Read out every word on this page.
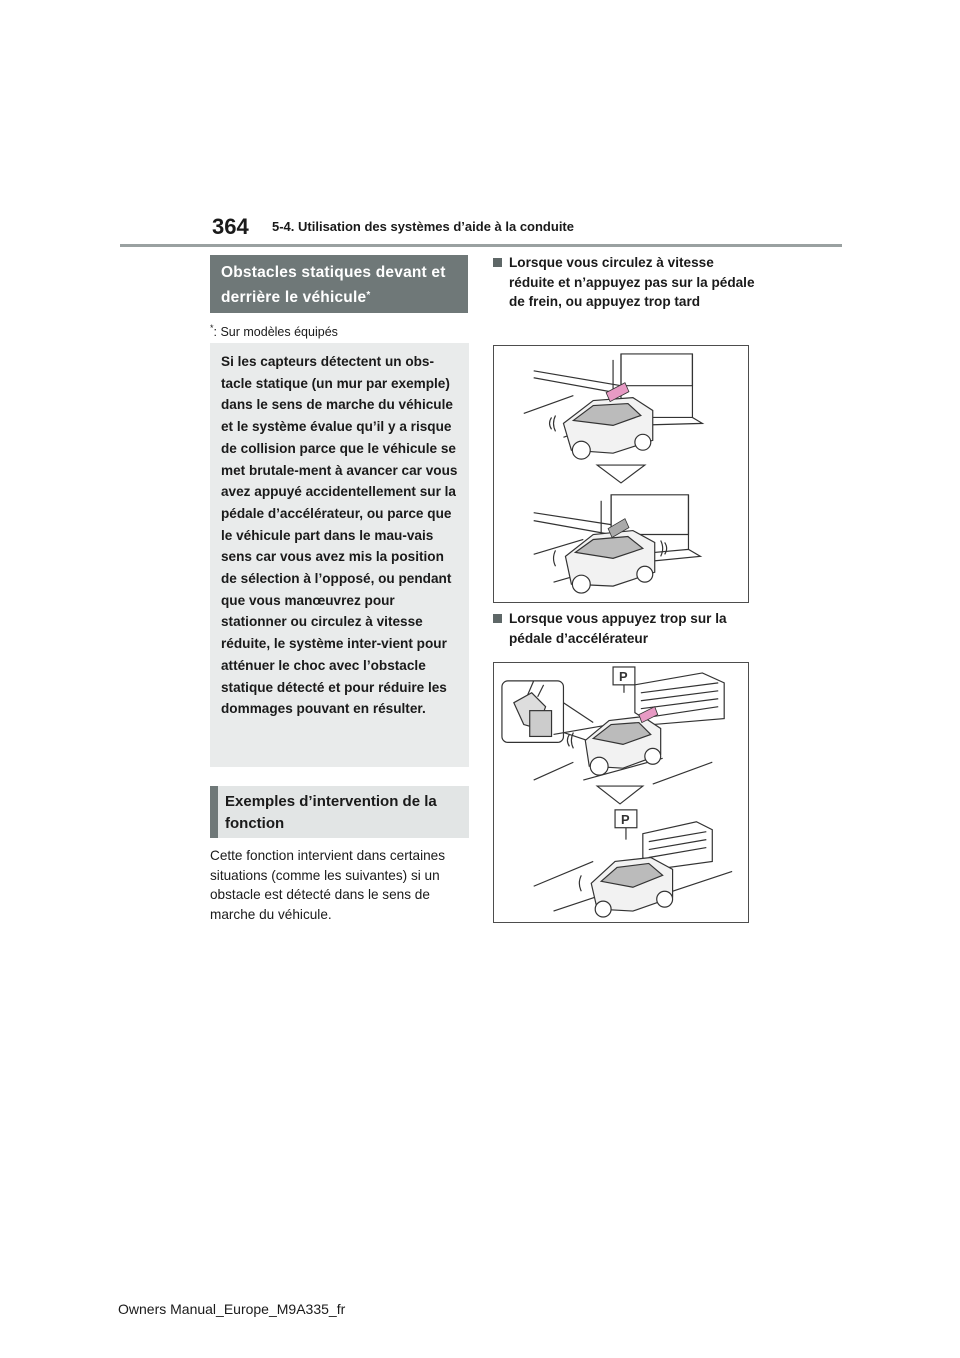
364 5-4. Utilisation des systèmes d’aide à la conduite
Obstacles statiques devant et derrière le véhicule*
*: Sur modèles équipés

Si les capteurs détectent un obs-tacle statique (un mur par exemple) dans le sens de marche du véhicule et le système évalue qu’il y a risque de collision parce que le véhicule se met brutale-ment à avancer car vous avez appuyé accidentellement sur la pédale d’accélérateur, ou parce que le véhicule part dans le mau-vais sens car vous avez mis la position de sélection à l’opposé, ou pendant que vous manœuvrez pour stationner ou circulez à vitesse réduite, le système inter-vient pour atténuer le choc avec l’obstacle statique détecté et pour réduire les dommages pouvant en résulter.

Exemples d’intervention de la fonction

Cette fonction intervient dans certaines situations (comme les suivantes) si un obstacle est détecté dans le sens de marche du véhicule.

Lorsque vous circulez à vitesse réduite et n’appuyez pas sur la pédale de frein, ou appuyez trop tard
Lorsque vous appuyez trop sur la pédale d’accélérateur
P
P
Owners Manual_Europe_M9A335_fr
